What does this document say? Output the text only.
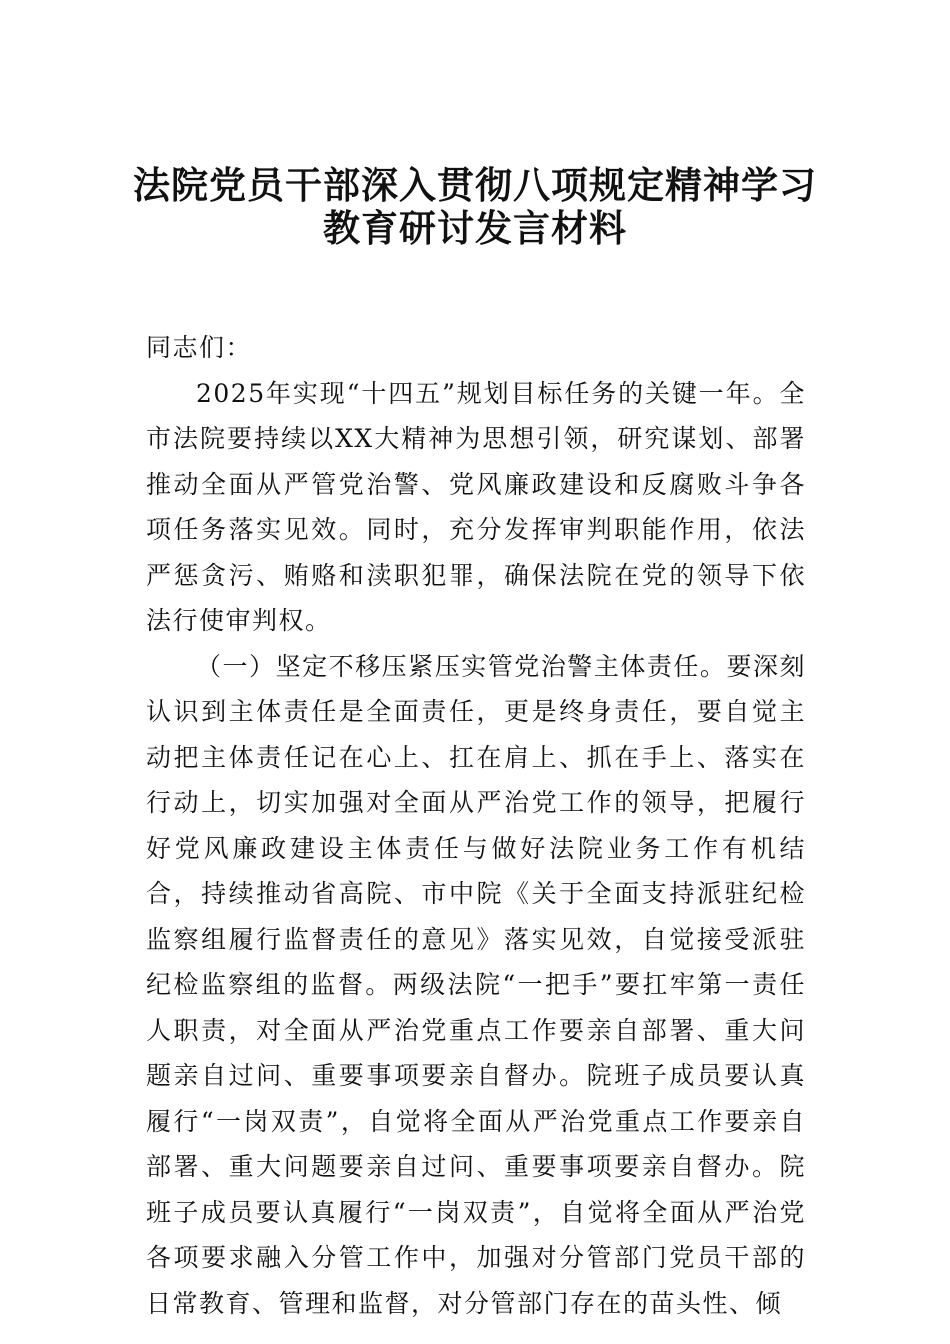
法院党员干部深入贯彻八项规定精神学习
教育研讨发言材料

同志们：

2025年实现“十四五”规划目标任务的关键一年。全市法院要持续以XX大精神为思想引领，研究谋划、部署推动全面从严管党治警、党风廉政建设和反腐败斗争各项任务落实见效。同时，充分发挥审判职能作用，依法严惩贪污、贿赂和渎职犯罪，确保法院在党的领导下依法行使审判权。

（一）坚定不移压紧压实管党治警主体责任。要深刻认识到主体责任是全面责任，更是终身责任，要自觉主动把主体责任记在心上、扛在肩上、抓在手上、落实在行动上，切实加强对全面从严治党工作的领导，把履行好党风廉政建设主体责任与做好法院业务工作有机结合，持续推动省高院、市中院《关于全面支持派驻纪检监察组履行监督责任的意见》落实见效，自觉接受派驻纪检监察组的监督。两级法院“一把手”要扛牢第一责任人职责，对全面从严治党重点工作要亲自部署、重大问题亲自过问、重要事项要亲自督办。院班子成员要认真履行“一岗双责”，自觉将全面从严治党重点工作要亲自部署、重大问题要亲自过问、重要事项要亲自督办。院班子成员要认真履行“一岗双责”，自觉将全面从严治党各项要求融入分管工作中，加强对分管部门党员干部的日常教育、管理和监督，对分管部门存在的苗头性、倾
